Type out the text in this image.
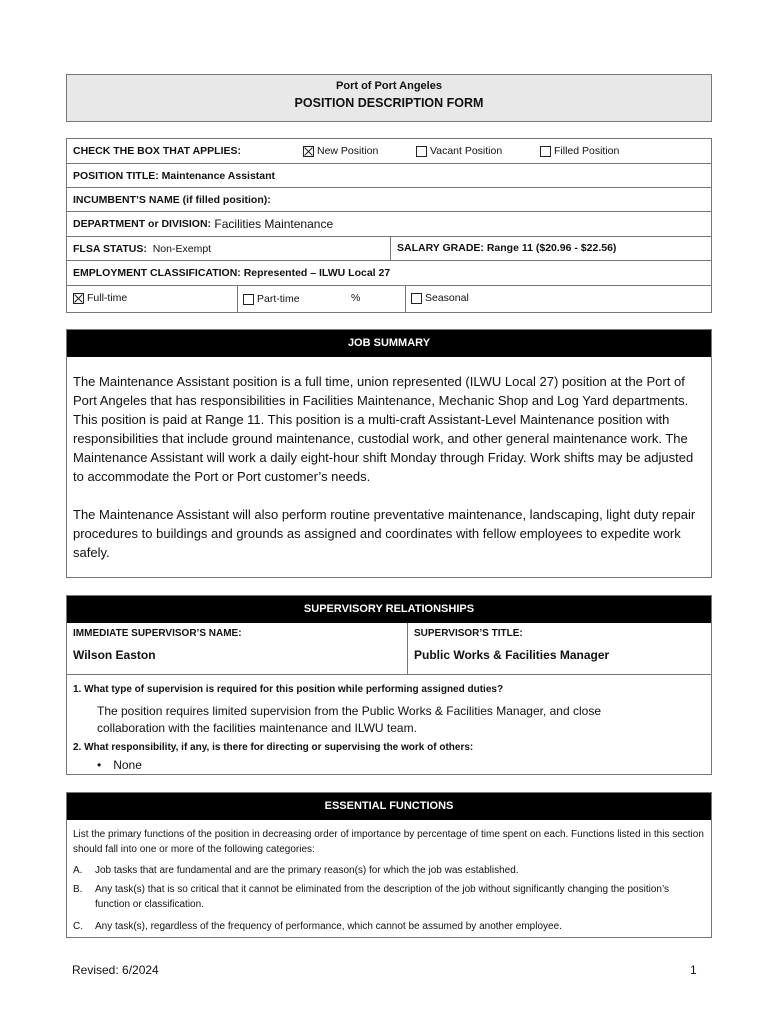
Port of Port Angeles
POSITION DESCRIPTION FORM
CHECK THE BOX THAT APPLIES:	New Position	Vacant Position	Filled Position
POSITION TITLE: Maintenance Assistant
INCUMBENT’S NAME (if filled position):
DEPARTMENT or DIVISION: Facilities Maintenance
FLSA STATUS: Non-Exempt	SALARY GRADE: Range 11 ($20.96 - $22.56)
EMPLOYMENT CLASSIFICATION: Represented – ILWU Local 27
Full-time	Part-time	%	Seasonal
JOB SUMMARY
The Maintenance Assistant position is a full time, union represented (ILWU Local 27) position at the Port of Port Angeles that has responsibilities in Facilities Maintenance, Mechanic Shop and Log Yard departments. This position is paid at Range 11. This position is a multi-craft Assistant-Level Maintenance position with responsibilities that include ground maintenance, custodial work, and other general maintenance work. The Maintenance Assistant will work a daily eight-hour shift Monday through Friday. Work shifts may be adjusted to accommodate the Port or Port customer’s needs.
The Maintenance Assistant will also perform routine preventative maintenance, landscaping, light duty repair procedures to buildings and grounds as assigned and coordinates with fellow employees to expedite work safely.
SUPERVISORY RELATIONSHIPS
IMMEDIATE SUPERVISOR’S NAME:
Wilson Easton
SUPERVISOR’S TITLE:
Public Works & Facilities Manager
1. What type of supervision is required for this position while performing assigned duties?
The position requires limited supervision from the Public Works & Facilities Manager, and close collaboration with the facilities maintenance and ILWU team.
2. What responsibility, if any, is there for directing or supervising the work of others:
• None
ESSENTIAL FUNCTIONS
List the primary functions of the position in decreasing order of importance by percentage of time spent on each. Functions listed in this section should fall into one or more of the following categories:
A. Job tasks that are fundamental and are the primary reason(s) for which the job was established.
B. Any task(s) that is so critical that it cannot be eliminated from the description of the job without significantly changing the position’s function or classification.
C. Any task(s), regardless of the frequency of performance, which cannot be assumed by another employee.
Revised: 6/2024	1
